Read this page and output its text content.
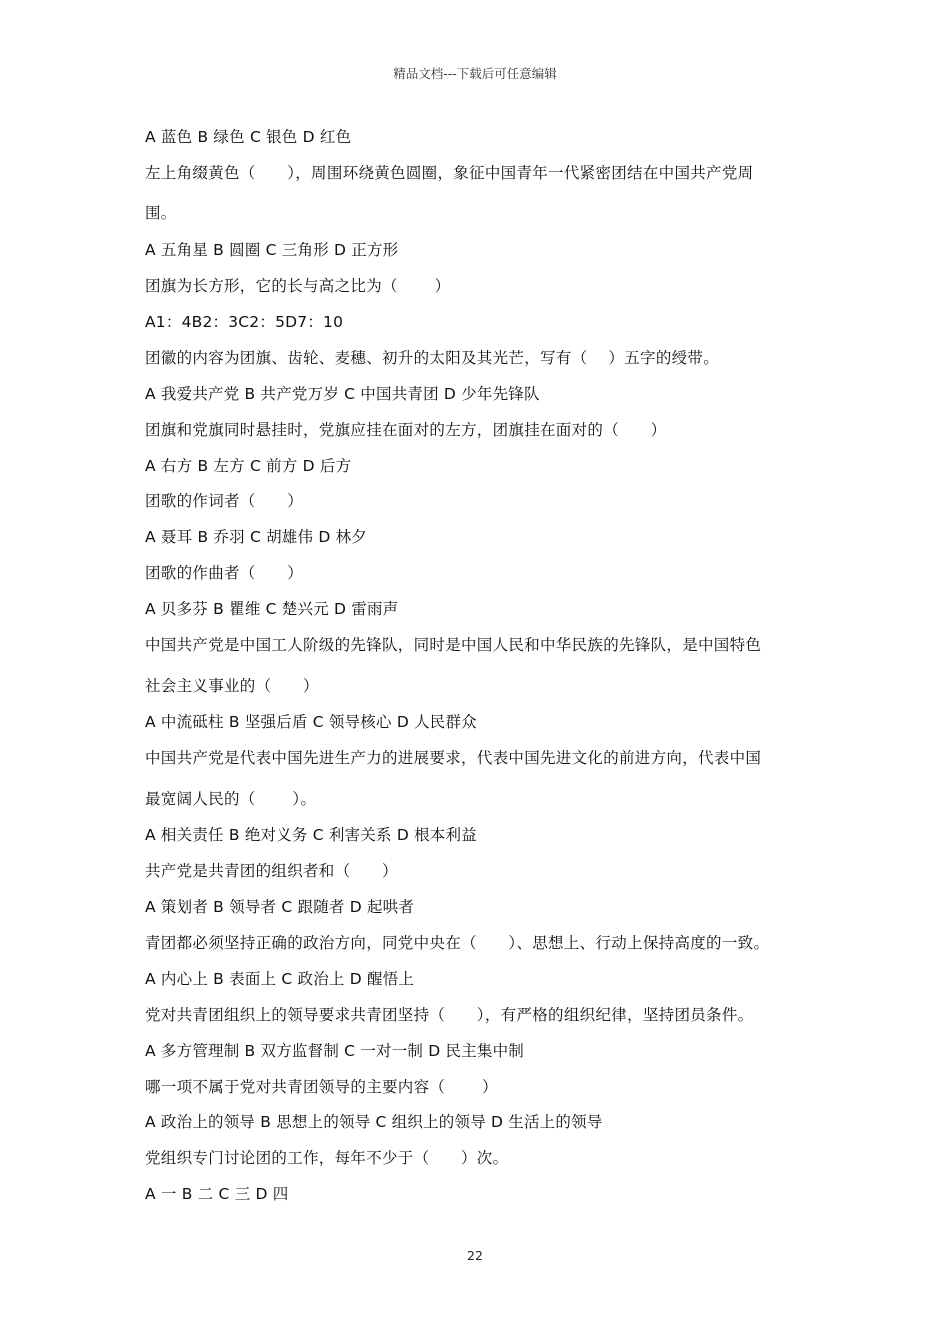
精品文档---下载后可任意编辑
A 蓝色 B 绿色 C 银色 D 红色
左上角缀黄色（　　），周围环绕黄色圆圈，象征中国青年一代紧密团结在中国共产党周
围。
A 五角星 B 圆圈 C 三角形 D 正方形
团旗为长方形，它的长与高之比为（　　 ）
A1：4B2：3C2：5D7：10
团徽的内容为团旗、齿轮、麦穗、初升的太阳及其光芒，写有（　 ）五字的绶带。
A 我爱共产党 B 共产党万岁 C 中国共青团 D 少年先锋队
团旗和党旗同时悬挂时，党旗应挂在面对的左方，团旗挂在面对的（　　）
A 右方 B 左方 C 前方 D 后方
团歌的作词者（　　）
A 聂耳 B 乔羽 C 胡雄伟 D 林夕
团歌的作曲者（　　）
A 贝多芬 B 瞿维 C 楚兴元 D 雷雨声
中国共产党是中国工人阶级的先锋队，同时是中国人民和中华民族的先锋队，是中国特色
社会主义事业的（　　）
A 中流砥柱 B 坚强后盾 C 领导核心 D 人民群众
中国共产党是代表中国先进生产力的进展要求，代表中国先进文化的前进方向，代表中国
最宽阔人民的（　　 ）。
A 相关责任 B 绝对义务 C 利害关系 D 根本利益
共产党是共青团的组织者和（　　）
A 策划者 B 领导者 C 跟随者 D 起哄者
青团都必须坚持正确的政治方向，同党中央在（　　）、思想上、行动上保持高度的一致。
A 内心上 B 表面上 C 政治上 D 醒悟上
党对共青团组织上的领导要求共青团坚持（　　），有严格的组织纪律，坚持团员条件。
A 多方管理制 B 双方监督制 C 一对一制 D 民主集中制
哪一项不属于党对共青团领导的主要内容（　　 ）
A 政治上的领导 B 思想上的领导 C 组织上的领导 D 生活上的领导
党组织专门讨论团的工作，每年不少于（　　）次。
A 一 B 二 C 三 D 四
22
